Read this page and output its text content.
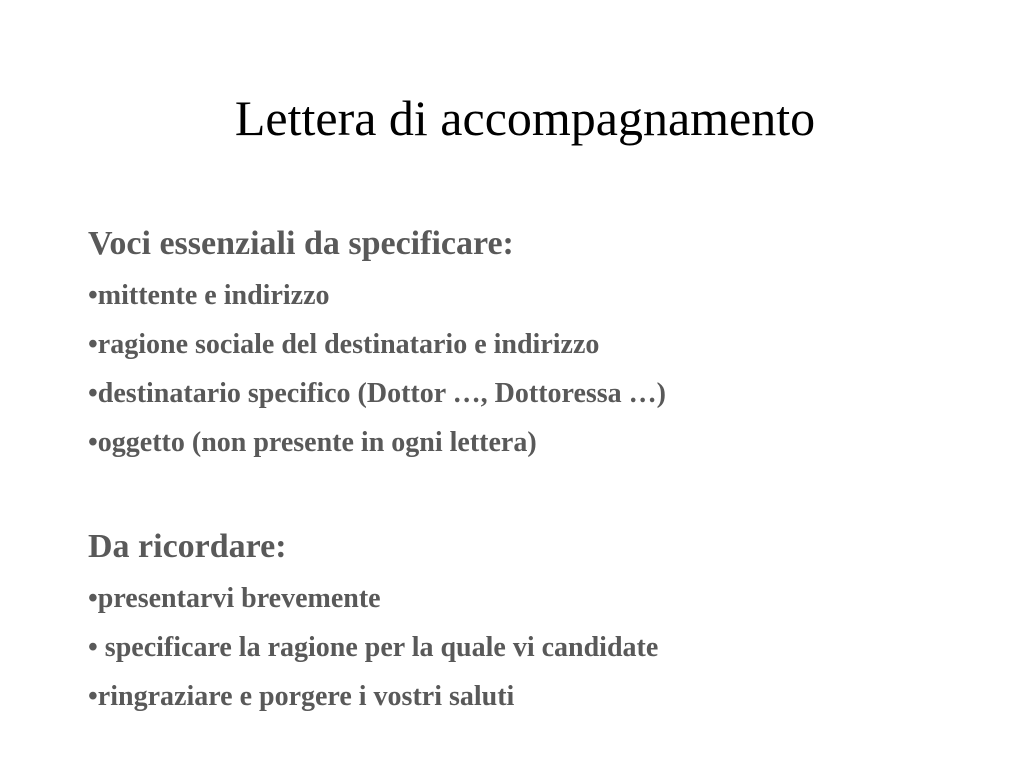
Lettera di accompagnamento
Voci essenziali da specificare:
•mittente e indirizzo
•ragione sociale del destinatario e indirizzo
•destinatario specifico (Dottor …, Dottoressa …)
•oggetto (non presente in ogni lettera)
Da ricordare:
•presentarvi brevemente
• specificare la ragione per la quale vi candidate
•ringraziare e porgere i vostri saluti
